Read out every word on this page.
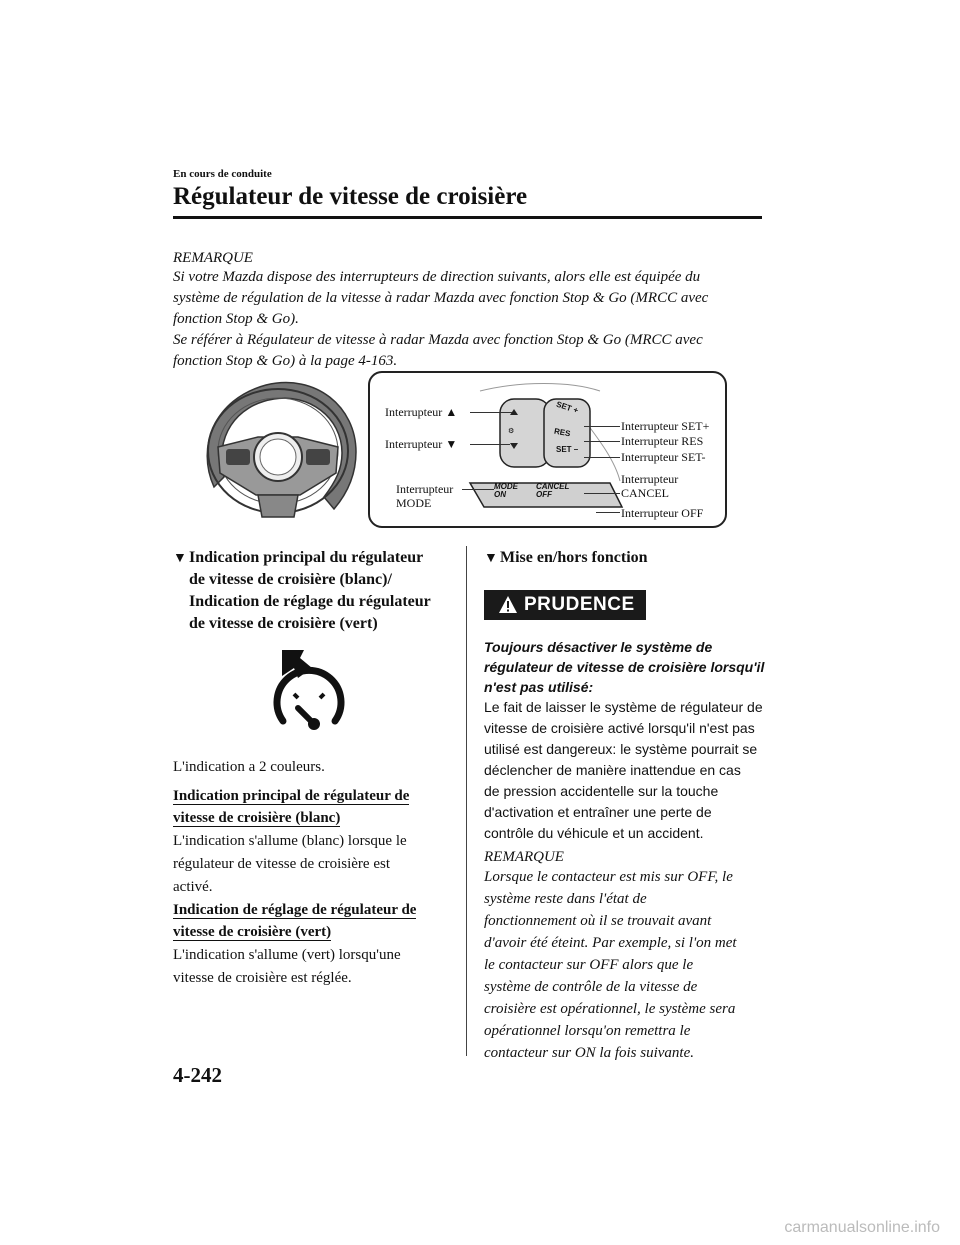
En cours de conduite
Régulateur de vitesse de croisière
REMARQUE
Si votre Mazda dispose des interrupteurs de direction suivants, alors elle est équipée du
système de régulation de la vitesse à radar Mazda avec fonction Stop & Go (MRCC avec
fonction Stop & Go).
Se référer à Régulateur de vitesse à radar Mazda avec fonction Stop & Go (MRCC avec
fonction Stop & Go) à la page 4-163.
⚙
SET +
RES
SET –
MODE
ON
CANCEL
OFF
Interrupteur ▲
Interrupteur ▼
Interrupteur
MODE
Interrupteur SET+
Interrupteur RES
Interrupteur SET-
Interrupteur
CANCEL
Interrupteur OFF
▼ Indication principal du régulateur
de vitesse de croisière (blanc)/
Indication de réglage du régulateur
de vitesse de croisière (vert)
L'indication a 2 couleurs.
Indication principal de régulateur de
vitesse de croisière (blanc)
L'indication s'allume (blanc) lorsque le
régulateur de vitesse de croisière est
activé.
Indication de réglage de régulateur de
vitesse de croisière (vert)
L'indication s'allume (vert) lorsqu'une
vitesse de croisière est réglée.
▼ Mise en/hors fonction
PRUDENCE
Toujours désactiver le système de
régulateur de vitesse de croisière lorsqu'il
n'est pas utilisé:
Le fait de laisser le système de régulateur de
vitesse de croisière activé lorsqu'il n'est pas
utilisé est dangereux: le système pourrait se
déclencher de manière inattendue en cas
de pression accidentelle sur la touche
d'activation et entraîner une perte de
contrôle du véhicule et un accident.
REMARQUE
Lorsque le contacteur est mis sur OFF, le
système reste dans l'état de
fonctionnement où il se trouvait avant
d'avoir été éteint. Par exemple, si l'on met
le contacteur sur OFF alors que le
système de contrôle de la vitesse de
croisière est opérationnel, le système sera
opérationnel lorsqu'on remettra le
contacteur sur ON la fois suivante.
4-242
carmanualsonline.info
